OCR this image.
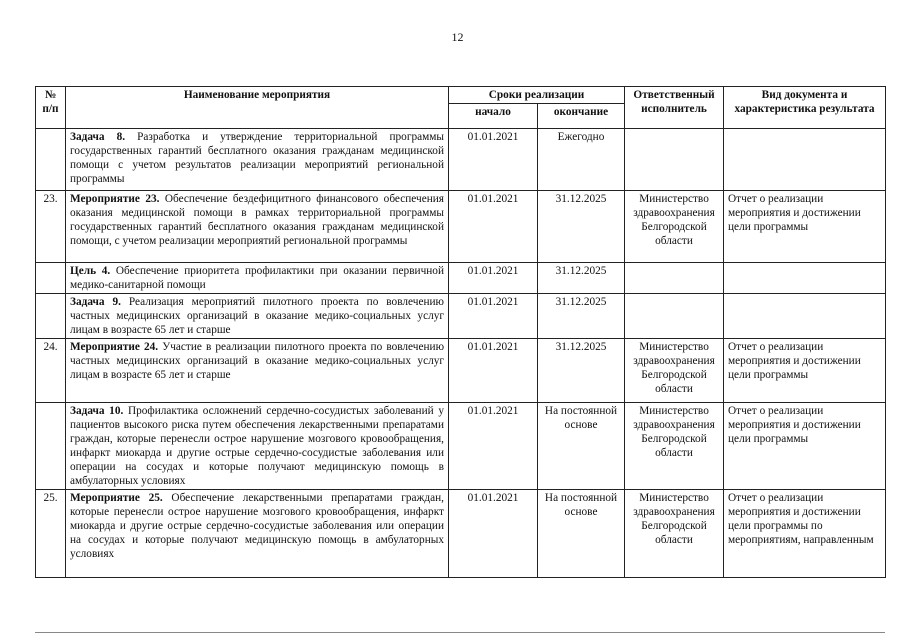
12
№ п/п	Наименование мероприятия	Сроки реализации		Ответственный исполнитель	Вид документа и характеристика результата
		начало	окончание		
	Задача 8. Разработка и утверждение территориальной программы государственных гарантий бесплатного оказания гражданам медицинской помощи с учетом результатов реализации мероприятий региональной программы	01.01.2021	Ежегодно		
23.	Мероприятие 23. Обеспечение бездефицитного финансового обеспечения оказания медицинской помощи в рамках территориальной программы государственных гарантий бесплатного оказания гражданам медицинской помощи, с учетом реализации мероприятий региональной программы	01.01.2021	31.12.2025	Министерство здравоохранения Белгородской области	Отчет о реализации мероприятия и достижении цели программы
	Цель 4. Обеспечение приоритета профилактики при оказании первичной медико-санитарной помощи	01.01.2021	31.12.2025		
	Задача 9. Реализация мероприятий пилотного проекта по вовлечению частных медицинских организаций в оказание медико-социальных услуг лицам в возрасте 65 лет и старше	01.01.2021	31.12.2025		
24.	Мероприятие 24. Участие в реализации пилотного проекта по вовлечению частных медицинских организаций в оказание медико-социальных услуг лицам в возрасте 65 лет и старше	01.01.2021	31.12.2025	Министерство здравоохранения Белгородской области	Отчет о реализации мероприятия и достижении цели программы
	Задача 10. Профилактика осложнений сердечно-сосудистых заболеваний у пациентов высокого риска путем обеспечения лекарственными препаратами граждан, которые перенесли острое нарушение мозгового кровообращения, инфаркт миокарда и другие острые сердечно-сосудистые заболевания или операции на сосудах и которые получают медицинскую помощь в амбулаторных условиях	01.01.2021	На постоянной основе	Министерство здравоохранения Белгородской области	Отчет о реализации мероприятия и достижении цели программы
25.	Мероприятие 25. Обеспечение лекарственными препаратами граждан, которые перенесли острое нарушение мозгового кровообращения, инфаркт миокарда и другие острые сердечно-сосудистые заболевания или операции на сосудах и которые получают медицинскую помощь в амбулаторных условиях	01.01.2021	На постоянной основе	Министерство здравоохранения Белгородской области	Отчет о реализации мероприятия и достижении цели программы по мероприятиям, направленным
